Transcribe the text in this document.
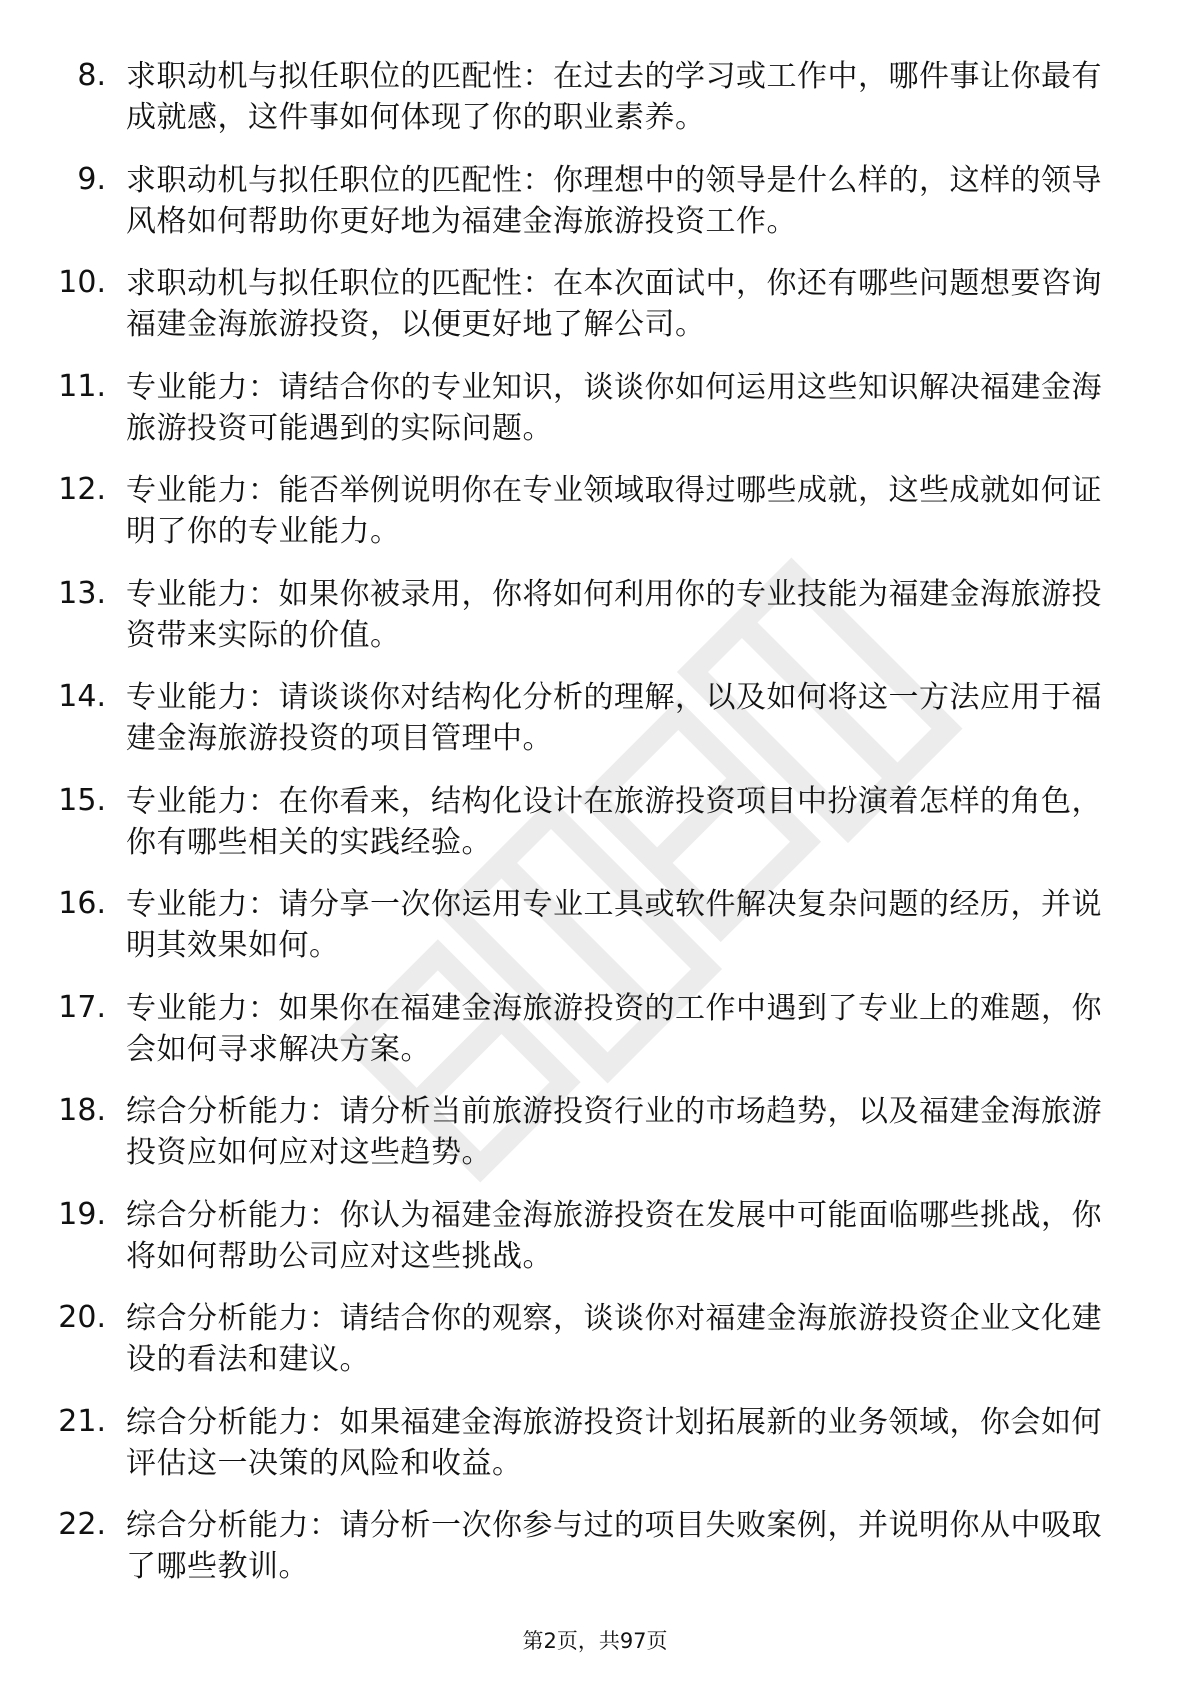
8. 求职动机与拟任职位的匹配性：在过去的学习或工作中，哪件事让你最有成就感，这件事如何体现了你的职业素养。
9. 求职动机与拟任职位的匹配性：你理想中的领导是什么样的，这样的领导风格如何帮助你更好地为福建金海旅游投资工作。
10. 求职动机与拟任职位的匹配性：在本次面试中，你还有哪些问题想要咨询福建金海旅游投资，以便更好地了解公司。
11. 专业能力：请结合你的专业知识，谈谈你如何运用这些知识解决福建金海旅游投资可能遇到的实际问题。
12. 专业能力：能否举例说明你在专业领域取得过哪些成就，这些成就如何证明了你的专业能力。
13. 专业能力：如果你被录用，你将如何利用你的专业技能为福建金海旅游投资带来实际的价值。
14. 专业能力：请谈谈你对结构化分析的理解，以及如何将这一方法应用于福建金海旅游投资的项目管理中。
15. 专业能力：在你看来，结构化设计在旅游投资项目中扮演着怎样的角色，你有哪些相关的实践经验。
16. 专业能力：请分享一次你运用专业工具或软件解决复杂问题的经历，并说明其效果如何。
17. 专业能力：如果你在福建金海旅游投资的工作中遇到了专业上的难题，你会如何寻求解决方案。
18. 综合分析能力：请分析当前旅游投资行业的市场趋势，以及福建金海旅游投资应如何应对这些趋势。
19. 综合分析能力：你认为福建金海旅游投资在发展中可能面临哪些挑战，你将如何帮助公司应对这些挑战。
20. 综合分析能力：请结合你的观察，谈谈你对福建金海旅游投资企业文化建设的看法和建议。
21. 综合分析能力：如果福建金海旅游投资计划拓展新的业务领域，你会如何评估这一决策的风险和收益。
22. 综合分析能力：请分析一次你参与过的项目失败案例，并说明你从中吸取了哪些教训。
第2页，共97页
